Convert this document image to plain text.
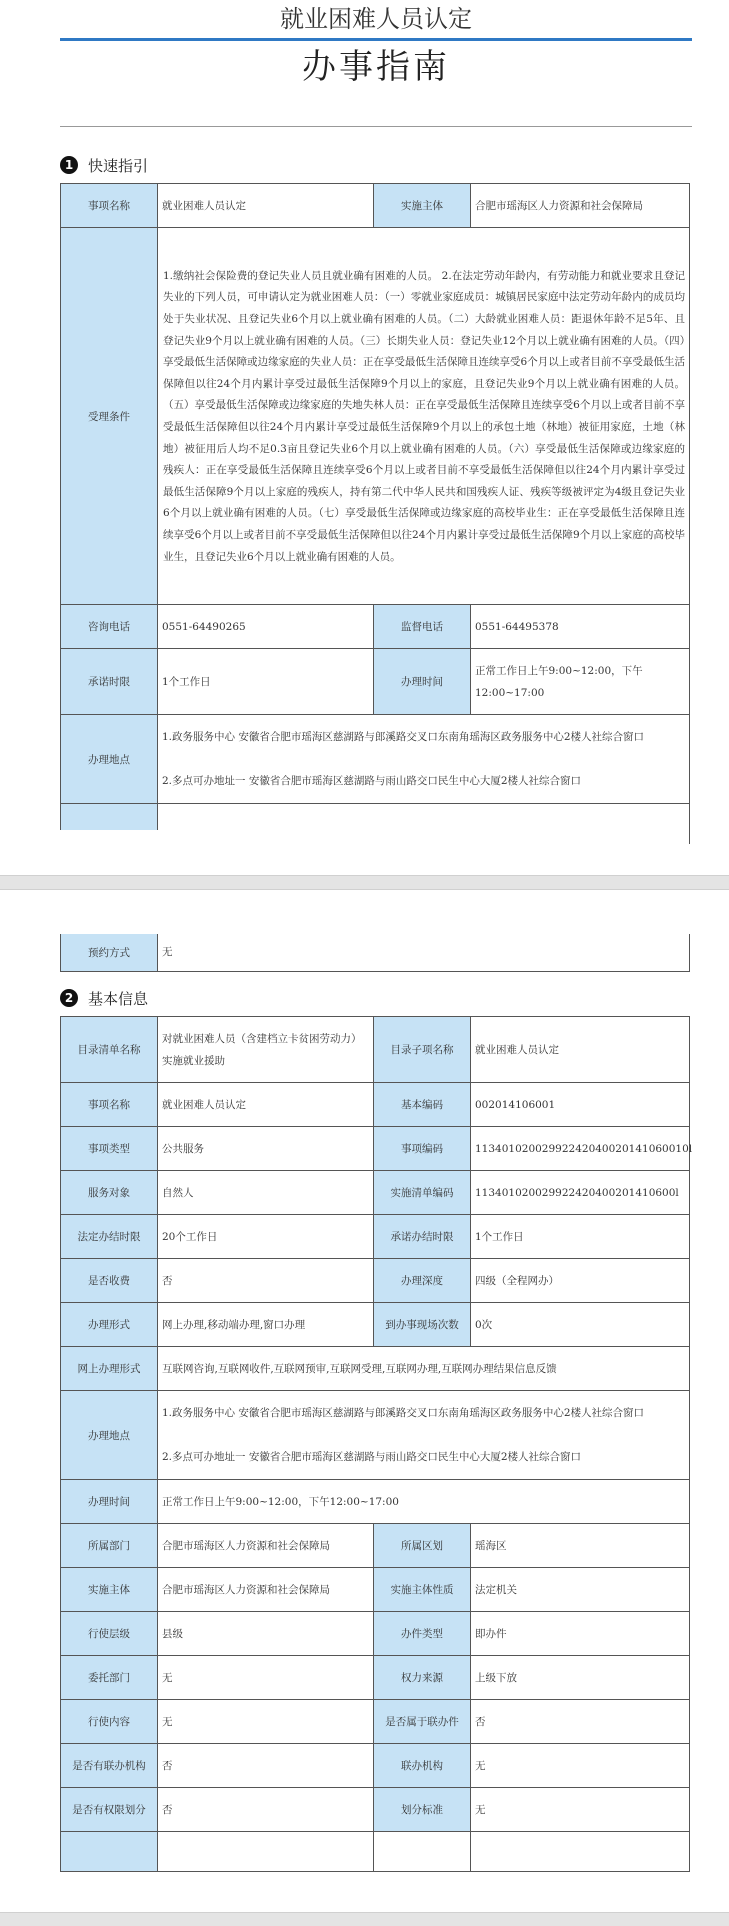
就业困难人员认定
办事指南
1 快速指引
事项名称	就业困难人员认定	实施主体	合肥市瑶海区人力资源和社会保障局
受理条件	1.缴纳社会保险费的登记失业人员且就业确有困难的人员。 2.在法定劳动年龄内，有劳动能力和就业要求且登记失业的下列人员，可申请认定为就业困难人员：（一）零就业家庭成员：城镇居民家庭中法定劳动年龄内的成员均处于失业状况、且登记失业6个月以上就业确有困难的人员。（二）大龄就业困难人员：距退休年龄不足5年、且登记失业9个月以上就业确有困难的人员。（三）长期失业人员：登记失业12个月以上就业确有困难的人员。（四）享受最低生活保障或边缘家庭的失业人员：正在享受最低生活保障且连续享受6个月以上或者目前不享受最低生活保障但以往24个月内累计享受过最低生活保障9个月以上的家庭，且登记失业9个月以上就业确有困难的人员。（五）享受最低生活保障或边缘家庭的失地失林人员：正在享受最低生活保障且连续享受6个月以上或者目前不享受最低生活保障但以往24个月内累计享受过最低生活保障9个月以上的承包土地（林地）被征用家庭，土地（林地）被征用后人均不足0.3亩且登记失业6个月以上就业确有困难的人员。（六）享受最低生活保障或边缘家庭的残疾人：正在享受最低生活保障且连续享受6个月以上或者目前不享受最低生活保障但以往24个月内累计享受过最低生活保障9个月以上家庭的残疾人，持有第二代中华人民共和国残疾人证、残疾等级被评定为4级且登记失业6个月以上就业确有困难的人员。（七）享受最低生活保障或边缘家庭的高校毕业生：正在享受最低生活保障且连续享受6个月以上或者目前不享受最低生活保障但以往24个月内累计享受过最低生活保障9个月以上家庭的高校毕业生，且登记失业6个月以上就业确有困难的人员。		
咨询电话	0551-64490265	监督电话	0551-64495378
承诺时限	1个工作日	办理时间	正常工作日上午9:00~12:00，下午12:00~17:00
办理地点	1.政务服务中心 安徽省合肥市瑶海区慈湖路与郎溪路交叉口东南角瑶海区政务服务中心2楼人社综合窗口
2.多点可办地址一 安徽省合肥市瑶海区慈湖路与雨山路交口民生中心大厦2楼人社综合窗口		

预约方式	无
2 基本信息
目录清单名称	对就业困难人员（含建档立卡贫困劳动力）实施就业援助	目录子项名称	就业困难人员认定
事项名称	就业困难人员认定	基本编码	002014106001
事项类型	公共服务	事项编码	11340102002992242040020141060010l
服务对象	自然人	实施清单编码	113401020029922420400201410600l
法定办结时限	20个工作日	承诺办结时限	1个工作日
是否收费	否	办理深度	四级（全程网办）
办理形式	网上办理,移动端办理,窗口办理	到办事现场次数	0次
网上办理形式	互联网咨询,互联网收件,互联网预审,互联网受理,互联网办理,互联网办理结果信息反馈		
办理地点	1.政务服务中心 安徽省合肥市瑶海区慈湖路与郎溪路交叉口东南角瑶海区政务服务中心2楼人社综合窗口
2.多点可办地址一 安徽省合肥市瑶海区慈湖路与雨山路交口民生中心大厦2楼人社综合窗口		

办理时间	正常工作日上午9:00~12:00，下午12:00~17:00		
所属部门	合肥市瑶海区人力资源和社会保障局	所属区划	瑶海区
实施主体	合肥市瑶海区人力资源和社会保障局	实施主体性质	法定机关
行使层级	县级	办件类型	即办件
委托部门	无	权力来源	上级下放
行使内容	无	是否属于联办件	否
是否有联办机构	否	联办机构	无
是否有权限划分	否	划分标准	无
